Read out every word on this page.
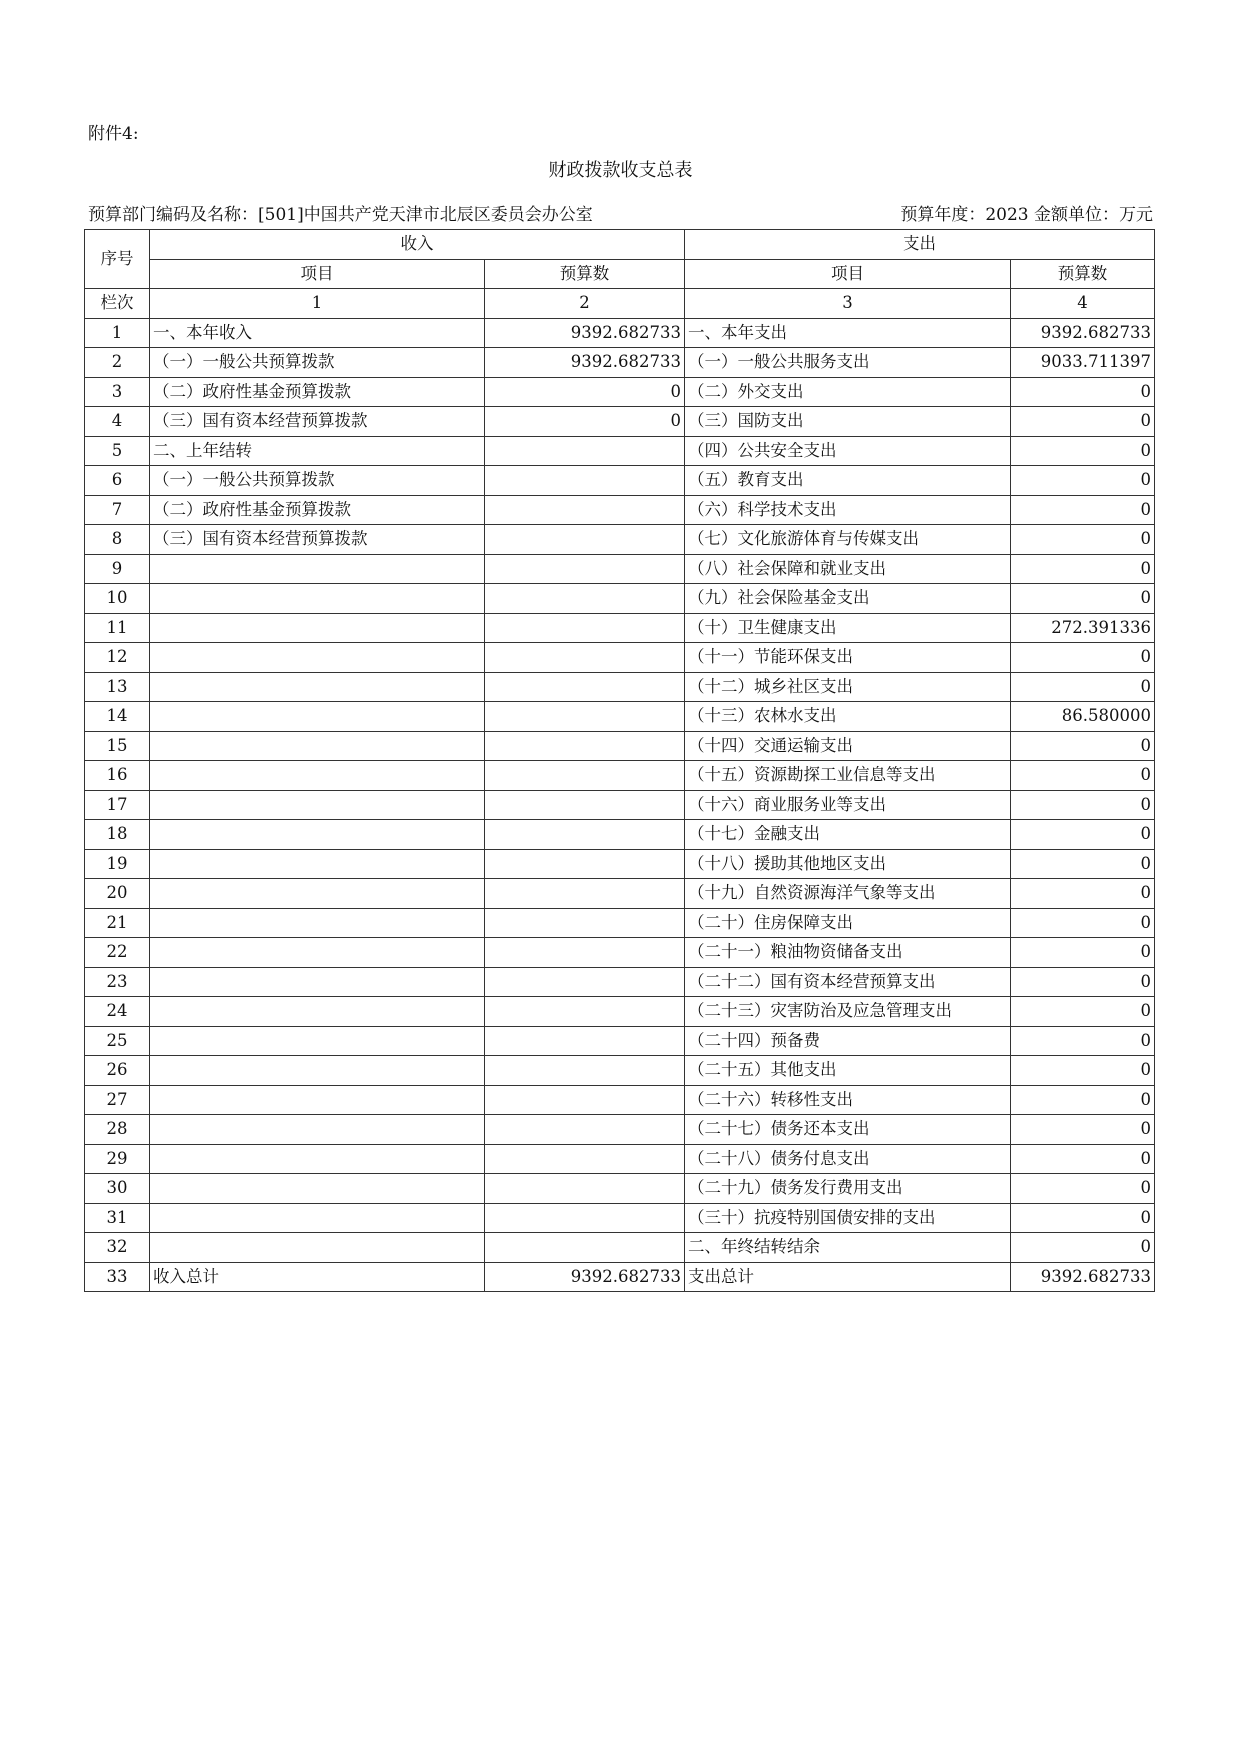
附件4:
财政拨款收支总表
预算部门编码及名称：[501]中国共产党天津市北辰区委员会办公室	预算年度：2023 金额单位：万元
序号	收入		支出	
	项目	预算数	项目	预算数
栏次	1	2	3	4
1	一、本年收入	9392.682733	一、本年支出	9392.682733
2	（一）一般公共预算拨款	9392.682733	（一）一般公共服务支出	9033.711397
3	（二）政府性基金预算拨款	0	（二）外交支出	0
4	（三）国有资本经营预算拨款	0	（三）国防支出	0
5	二、上年结转		（四）公共安全支出	0
6	（一）一般公共预算拨款		（五）教育支出	0
7	（二）政府性基金预算拨款		（六）科学技术支出	0
8	（三）国有资本经营预算拨款		（七）文化旅游体育与传媒支出	0
9			（八）社会保障和就业支出	0
10			（九）社会保险基金支出	0
11			（十）卫生健康支出	272.391336
12			（十一）节能环保支出	0
13			（十二）城乡社区支出	0
14			（十三）农林水支出	86.580000
15			（十四）交通运输支出	0
16			（十五）资源勘探工业信息等支出	0
17			（十六）商业服务业等支出	0
18			（十七）金融支出	0
19			（十八）援助其他地区支出	0
20			（十九）自然资源海洋气象等支出	0
21			（二十）住房保障支出	0
22			（二十一）粮油物资储备支出	0
23			（二十二）国有资本经营预算支出	0
24			（二十三）灾害防治及应急管理支出	0
25			（二十四）预备费	0
26			（二十五）其他支出	0
27			（二十六）转移性支出	0
28			（二十七）债务还本支出	0
29			（二十八）债务付息支出	0
30			（二十九）债务发行费用支出	0
31			（三十）抗疫特别国债安排的支出	0
32			二、年终结转结余	0
33	收入总计	9392.682733	支出总计	9392.682733
